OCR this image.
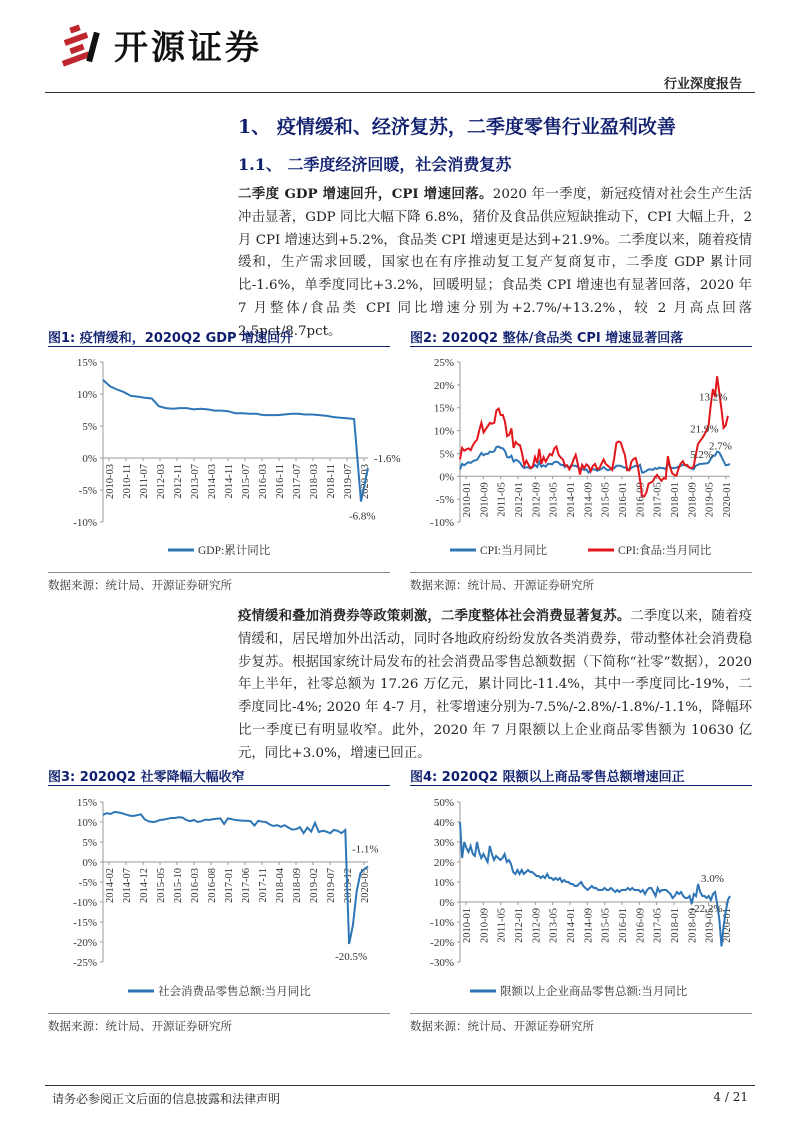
开源证券
行业深度报告
1、 疫情缓和、经济复苏，二季度零售行业盈利改善
1.1、 二季度经济回暖，社会消费复苏
二季度 GDP 增速回升，CPI 增速回落。2020 年一季度，新冠疫情对社会生产生活冲击显著，GDP 同比大幅下降 6.8%，猪价及食品供应短缺推动下，CPI 大幅上升，2 月 CPI 增速达到+5.2%，食品类 CPI 增速更是达到+21.9%。二季度以来，随着疫情缓和，生产需求回暖，国家也在有序推动复工复产复商复市，二季度 GDP 累计同比-1.6%，单季度同比+3.2%，回暖明显；食品类 CPI 增速也有显著回落，2020 年 7 月整体/食品类 CPI 同比增速分别为+2.7%/+13.2%，较 2 月高点回落 2.5pct/8.7pct。
图1: 疫情缓和，2020Q2 GDP 增速回升	图2: 2020Q2 整体/食品类 CPI 增速显著回落
15%
10%
5%
0%
-5%
-10%
2010-03 2010-11 2011-07 2012-03 2012-11 2013-07 2014-03 2014-11 2015-07 2016-03 2016-11 2017-07 2018-03 2018-11 2019-07 2020-03
-1.6%
-6.8%
GDP:累计同比
25%
20%
15%
10%
5%
0%
-5%
-10%
2010-01 2010-09 2011-05 2012-01 2012-09 2013-05 2014-01 2014-09 2015-05 2016-01 2016-09 2017-05 2018-01 2018-09 2019-05 2020-01
21.9%
13.2%
5.2%
2.7%
CPI:当月同比	CPI:食品:当月同比
数据来源：统计局、开源证券研究所	数据来源：统计局、开源证券研究所
疫情缓和叠加消费券等政策刺激，二季度整体社会消费显著复苏。二季度以来，随着疫情缓和，居民增加外出活动，同时各地政府纷纷发放各类消费券，带动整体社会消费稳步复苏。根据国家统计局发布的社会消费品零售总额数据（下简称“社零”数据），2020 年上半年，社零总额为 17.26 万亿元，累计同比-11.4%，其中一季度同比-19%，二季度同比-4%; 2020 年 4-7 月，社零增速分别为-7.5%/-2.8%/-1.8%/-1.1%，降幅环比一季度已有明显收窄。此外，2020 年 7 月限额以上企业商品零售额为 10630 亿元，同比+3.0%，增速已回正。
图3: 2020Q2 社零降幅大幅收窄	图4: 2020Q2 限额以上商品零售总额增速回正
15%
10%
5%
0%
-5%
-10%
-15%
-20%
-25%
2014-02 2014-07 2014-12 2015-05 2015-10 2016-03 2016-08 2017-01 2017-06 2017-11 2018-04 2018-09 2019-02 2019-07 2019-12 2020-05
-1.1%
-20.5%
社会消费品零售总额:当月同比
50%
40%
30%
20%
10%
0%
-10%
-20%
-30%
2010-01 2010-09 2011-05 2012-01 2012-09 2013-05 2014-01 2014-09 2015-05 2016-01 2016-09 2017-05 2018-01 2018-09 2019-05 2020-01
3.0%
-22.2%
限额以上企业商品零售总额:当月同比
数据来源：统计局、开源证券研究所	数据来源：统计局、开源证券研究所
请务必参阅正文后面的信息披露和法律声明	4 / 21
